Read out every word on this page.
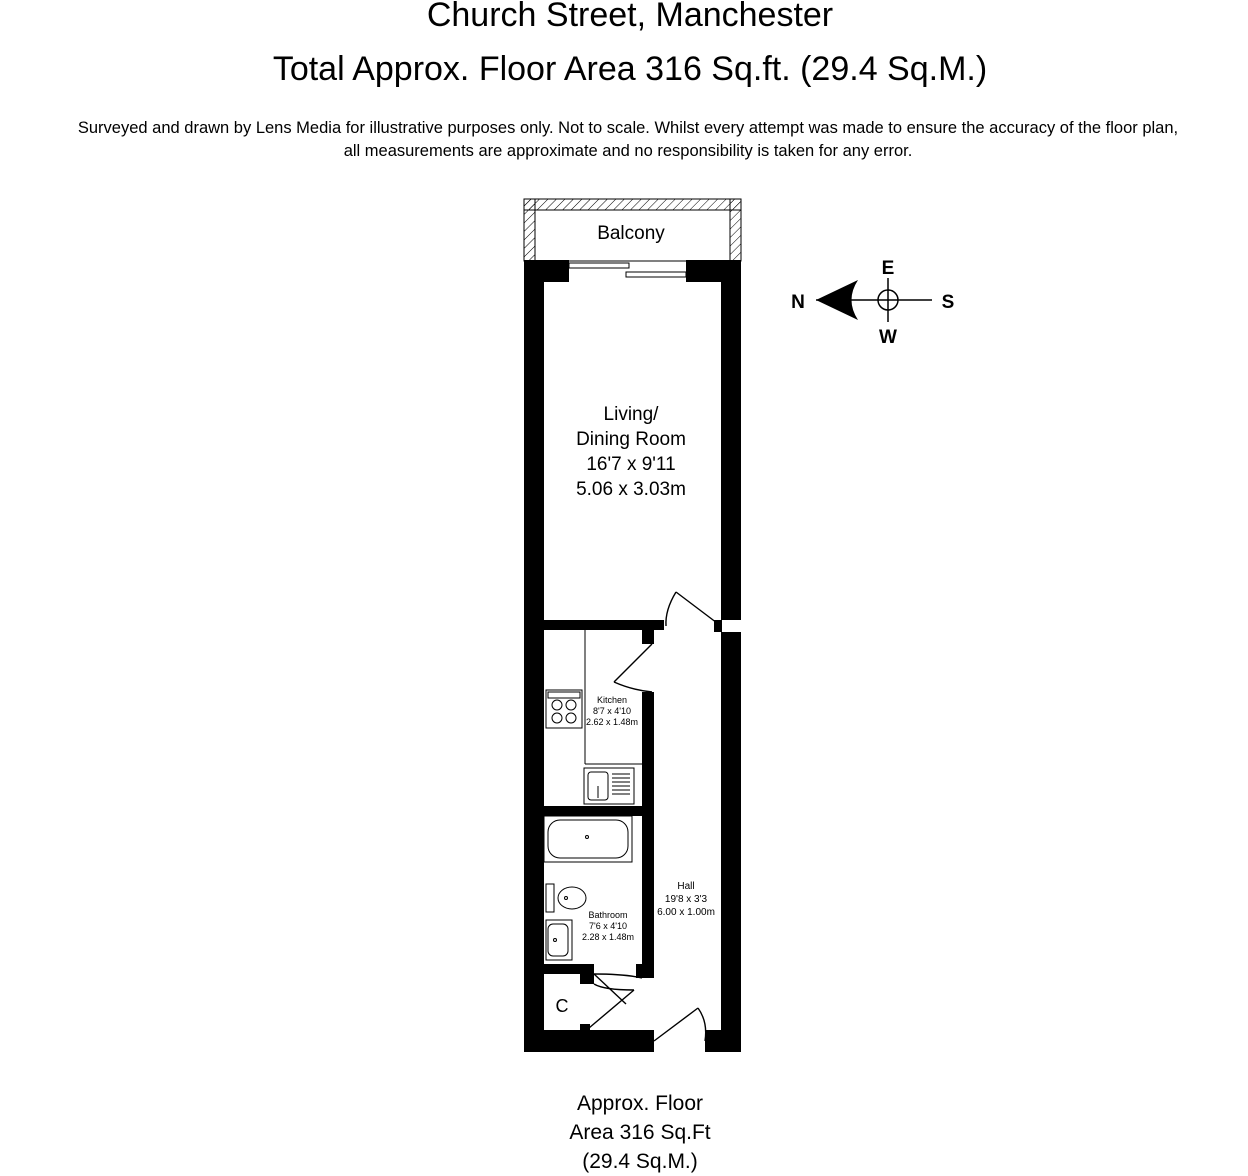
Church Street, Manchester
Total Approx. Floor Area 316 Sq.ft. (29.4 Sq.M.)
Surveyed and drawn by Lens Media for illustrative purposes only. Not to scale. Whilst every attempt was made to ensure the accuracy of the floor plan,
all measurements are approximate and no responsibility is taken for any error.
Balcony
Living/
Dining Room
16'7 x 9'11
5.06 x 3.03m
Kitchen
8'7 x 4'10
2.62 x 1.48m
Bathroom
7'6 x 4'10
2.28 x 1.48m
Hall
19'8 x 3'3
6.00 x 1.00m
C
N
E
S
W
Approx. Floor
Area 316 Sq.Ft
(29.4 Sq.M.)
